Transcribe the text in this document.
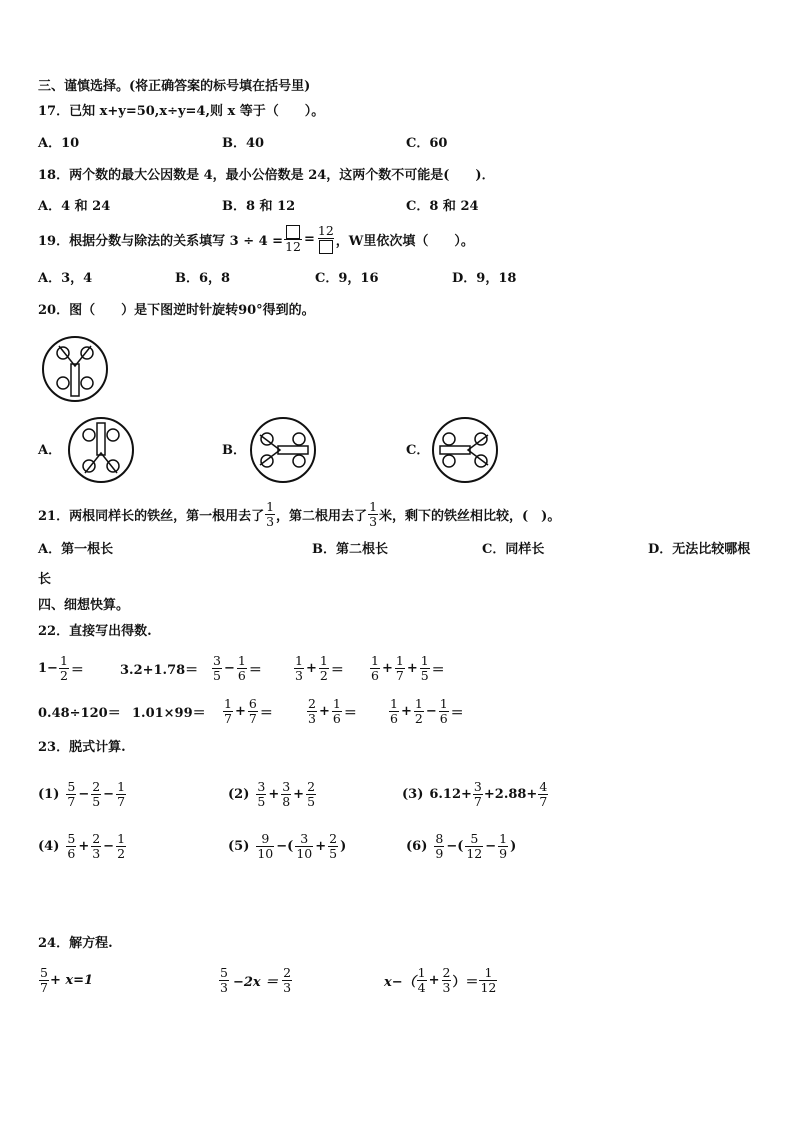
三、谨慎选择。(将正确答案的标号填在括号里)
17．已知 x+y=50,x÷y=4,则 x 等于（　　）。
A．10	B．40	C．60
18．两个数的最大公因数是 4，最小公倍数是 24，这两个数不可能是(　　)．
A．4 和 24	B．8 和 12	C．8 和 24
19．根据分数与除法的关系填写 3 ÷ 4 = 12 =
12
，W里依次填（　　）。
A．3，4	B．6，8	C．9，16	D．9，18
20．图（　　）是下图逆时针旋转90°得到的。
A．	B．	C．
21．两根同样长的铁丝，第一根用去了 $\frac{1}{3}$ ，第二根用去了 $\frac{1}{3}$ 米，剩下的铁丝相比较，(　)。
A．第一根长	B．第二根长	C．同样长	D．无法比较哪根
长
四、细想快算。
22．直接写出得数.
$1- \frac{1}{2}$ ＝	$3.2+1.78= \frac{3}{5} - \frac{1}{6}$ ＝	$\frac{1}{3} + \frac{1}{2} = \frac{1}{6} + \frac{1}{7} + \frac{1}{5}$ ＝
$0.48\div 120= 1.01\times 99= \frac{1}{7} + \frac{6}{7}$ ＝	$\frac{2}{3} + \frac{1}{6}$ ＝	$\frac{1}{6} + \frac{1}{2} - \frac{1}{6}$ ＝
23．脱式计算.
$(1) \frac{5}{7} - \frac{2}{5} - \frac{1}{7}$	$(2) \frac{3}{5} + \frac{3}{8} + \frac{2}{5}$	(3) $6.12+ \frac{3}{7} +2.88+ \frac{4}{7}$
$(4) \frac{5}{6} + \frac{2}{3} - \frac{1}{2}$	$(5) \frac{9}{10}$ −( $\frac{3}{10} + \frac{2}{5}$ )	$(6) \frac{8}{9}$ −( $\frac{5}{12} - \frac{1}{9}$ )
24．解方程.
$\frac{5}{7} + x=1$	$\frac{5}{3} -2x = \frac{2}{3}$	$x-( \frac{1}{4} + \frac{2}{3}$ ）＝ $\frac{1}{12}$
